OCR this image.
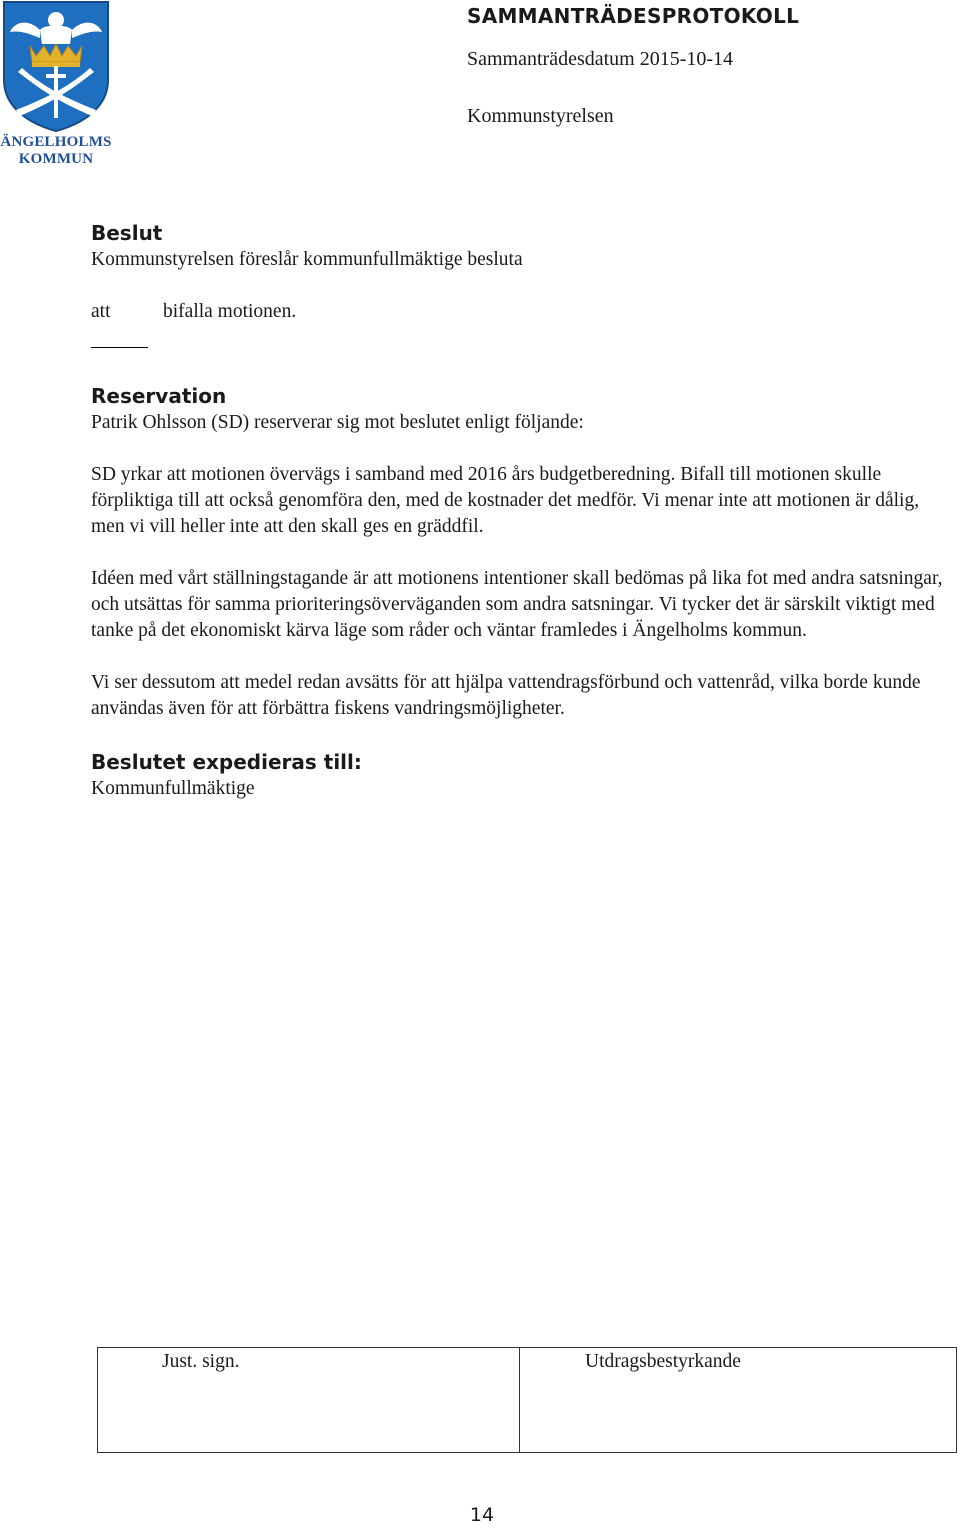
ÄNGELHOLMS
KOMMUN
SAMMANTRÄDESPROTOKOLL
Sammanträdesdatum 2015-10-14
Kommunstyrelsen
Beslut

Kommunstyrelsen föreslår kommunfullmäktige besluta

att	bifalla motionen.
Reservation

Patrik Ohlsson (SD) reserverar sig mot beslutet enligt följande:

SD yrkar att motionen övervägs i samband med 2016 års budgetberedning. Bifall till motionen skulle förpliktiga till att också genomföra den, med de kostnader det medför. Vi menar inte att motionen är dålig, men vi vill heller inte att den skall ges en gräddfil.

Idéen med vårt ställningstagande är att motionens intentioner skall bedömas på lika fot med andra satsningar, och utsättas för samma prioriteringsöverväganden som andra satsningar. Vi tycker det är särskilt viktigt med tanke på det ekonomiskt kärva läge som råder och väntar framledes i Ängelholms kommun.

Vi ser dessutom att medel redan avsätts för att hjälpa vattendragsförbund och vattenråd, vilka borde kunde användas även för att förbättra fiskens vandringsmöjligheter.

Beslutet expedieras till:

Kommunfullmäktige

Just. sign.	Utdragsbestyrkande
14
